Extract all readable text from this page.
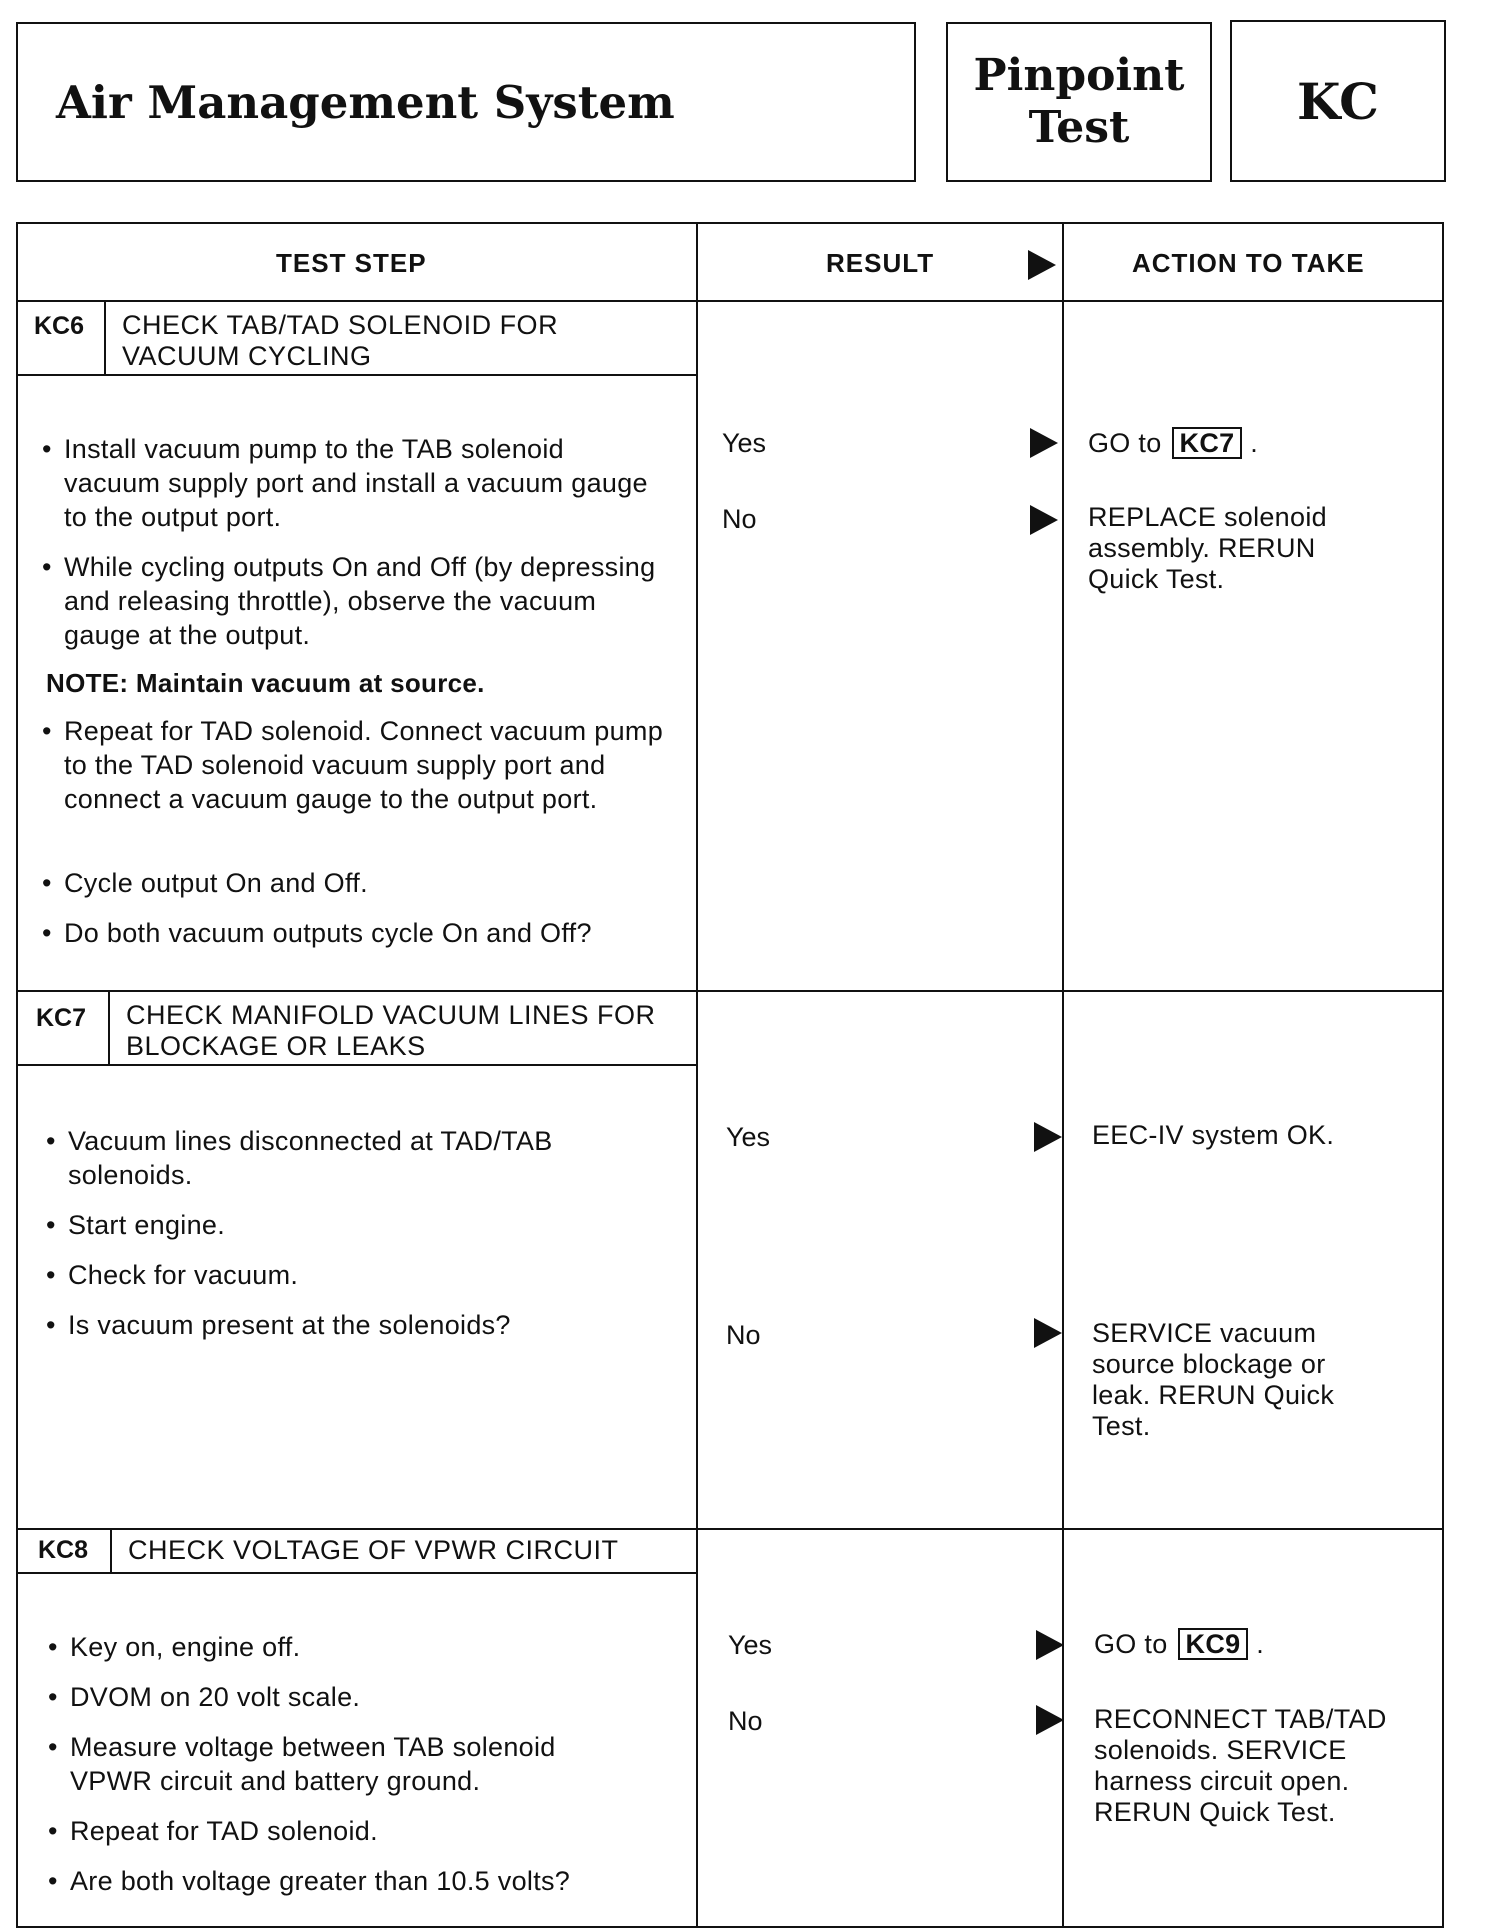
Air Management System	Pinpoint
Test	KC
TEST STEP	RESULT	ACTION TO TAKE
KC6 CHECK TAB/TAD SOLENOID FOR
VACUUM CYCLING
• Install vacuum pump to the TAB solenoid vacuum supply port and install a vacuum gauge to the output port.
• While cycling outputs On and Off (by depressing and releasing throttle), observe the vacuum gauge at the output.
NOTE: Maintain vacuum at source.
• Repeat for TAD solenoid. Connect vacuum pump to the TAD solenoid vacuum supply port and connect a vacuum gauge to the output port.
• Cycle output On and Off.
• Do both vacuum outputs cycle On and Off?
Yes	GO to KC7 .
No	REPLACE solenoid assembly. RERUN Quick Test.
KC7 CHECK MANIFOLD VACUUM LINES FOR
BLOCKAGE OR LEAKS
• Vacuum lines disconnected at TAD/TAB solenoids.
• Start engine.
• Check for vacuum.
• Is vacuum present at the solenoids?
Yes	EEC-IV system OK.
No	SERVICE vacuum source blockage or leak. RERUN Quick Test.
KC8 CHECK VOLTAGE OF VPWR CIRCUIT
• Key on, engine off.
• DVOM on 20 volt scale.
• Measure voltage between TAB solenoid VPWR circuit and battery ground.
• Repeat for TAD solenoid.
• Are both voltage greater than 10.5 volts?
Yes	GO to KC9 .
No	RECONNECT TAB/TAD solenoids. SERVICE harness circuit open. RERUN Quick Test.
